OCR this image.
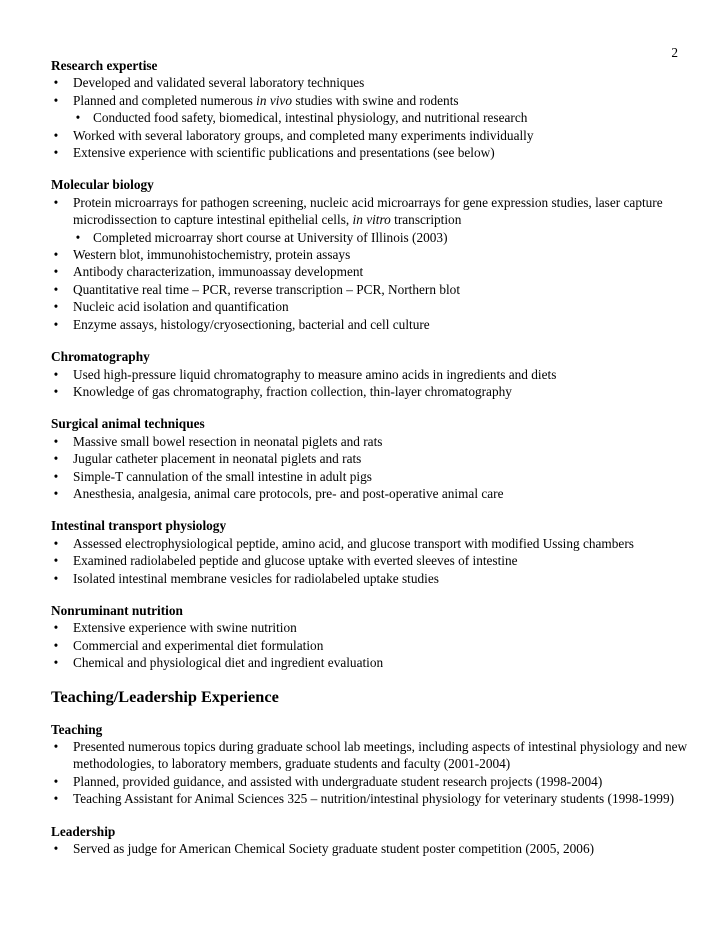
2

Research expertise

• Developed and validated several laboratory techniques
• Planned and completed numerous in vivo studies with swine and rodents
• Conducted food safety, biomedical, intestinal physiology, and nutritional research
• Worked with several laboratory groups, and completed many experiments individually
• Extensive experience with scientific publications and presentations (see below)

Molecular biology

• Protein microarrays for pathogen screening, nucleic acid microarrays for gene expression studies, laser capture microdissection to capture intestinal epithelial cells, in vitro transcription
• Completed microarray short course at University of Illinois (2003)
• Western blot, immunohistochemistry, protein assays
• Antibody characterization, immunoassay development
• Quantitative real time – PCR, reverse transcription – PCR, Northern blot
• Nucleic acid isolation and quantification
• Enzyme assays, histology/cryosectioning, bacterial and cell culture

Chromatography

• Used high-pressure liquid chromatography to measure amino acids in ingredients and diets
• Knowledge of gas chromatography, fraction collection, thin-layer chromatography

Surgical animal techniques

• Massive small bowel resection in neonatal piglets and rats
• Jugular catheter placement in neonatal piglets and rats
• Simple-T cannulation of the small intestine in adult pigs
• Anesthesia, analgesia, animal care protocols, pre- and post-operative animal care

Intestinal transport physiology

• Assessed electrophysiological peptide, amino acid, and glucose transport with modified Ussing chambers
• Examined radiolabeled peptide and glucose uptake with everted sleeves of intestine
• Isolated intestinal membrane vesicles for radiolabeled uptake studies

Nonruminant nutrition

• Extensive experience with swine nutrition
• Commercial and experimental diet formulation
• Chemical and physiological diet and ingredient evaluation

Teaching/Leadership Experience

Teaching

• Presented numerous topics during graduate school lab meetings, including aspects of intestinal physiology and new methodologies, to laboratory members, graduate students and faculty (2001-2004)
• Planned, provided guidance, and assisted with undergraduate student research projects (1998-2004)
• Teaching Assistant for Animal Sciences 325 – nutrition/intestinal physiology for veterinary students (1998-1999)

Leadership

• Served as judge for American Chemical Society graduate student poster competition (2005, 2006)
